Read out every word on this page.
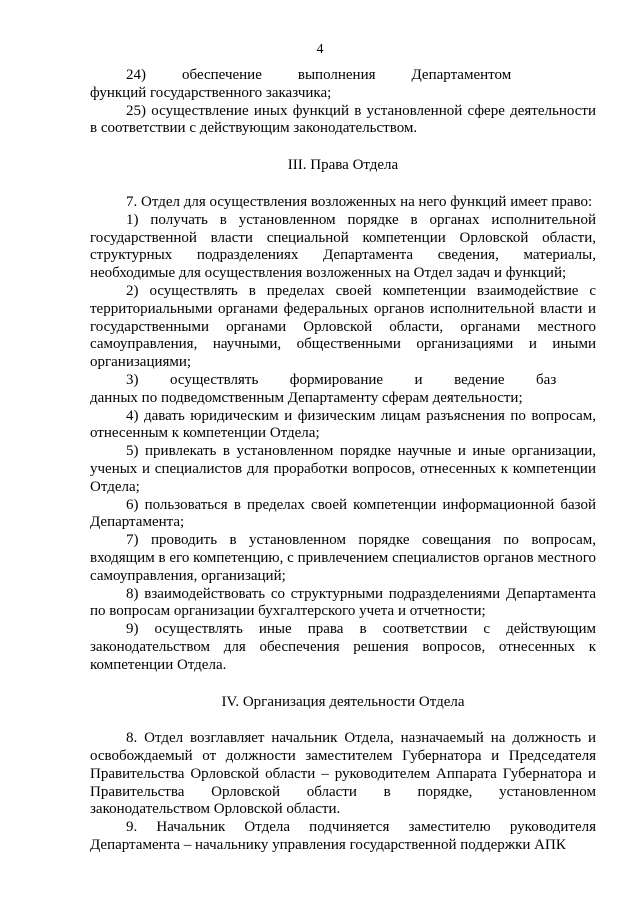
4

24)        обеспечение        выполнения        Департаментом                    функций государственного заказчика;

25) осуществление иных функций в установленной сфере деятельности в соответствии с действующим законодательством.

III. Права Отдела

7. Отдел для осуществления возложенных на него функций имеет право:

1) получать в установленном порядке в органах исполнительной государственной власти специальной компетенции Орловской области, структурных подразделениях Департамента сведения, материалы, необходимые для осуществления возложенных на Отдел задач и функций;

2) осуществлять в пределах своей компетенции взаимодействие с территориальными органами федеральных органов исполнительной власти и государственными органами Орловской области, органами местного самоуправления, научными, общественными организациями и иными организациями;

3)       осуществлять       формирование       и       ведение       баз          данных по подведомственным Департаменту сферам деятельности;

4) давать юридическим и физическим лицам разъяснения по вопросам, отнесенным к компетенции Отдела;

5) привлекать в установленном порядке научные и иные организации, ученых и специалистов для проработки вопросов, отнесенных к компетенции Отдела;

6) пользоваться в пределах своей компетенции информационной базой Департамента;

7) проводить в установленном порядке совещания по вопросам, входящим в его компетенцию, с привлечением специалистов органов местного самоуправления, организаций;

8) взаимодействовать со структурными подразделениями Департамента по вопросам организации бухгалтерского учета и отчетности;

9) осуществлять иные права в соответствии с действующим законодательством для обеспечения решения вопросов, отнесенных к компетенции Отдела.

IV. Организация деятельности Отдела

8. Отдел возглавляет начальник Отдела, назначаемый на должность и освобождаемый от должности заместителем Губернатора и Председателя Правительства Орловской области – руководителем Аппарата Губернатора и Правительства Орловской области в порядке, установленном законодательством Орловской области.

9. Начальник Отдела подчиняется заместителю руководителя Департамента – начальнику управления государственной поддержки АПК
